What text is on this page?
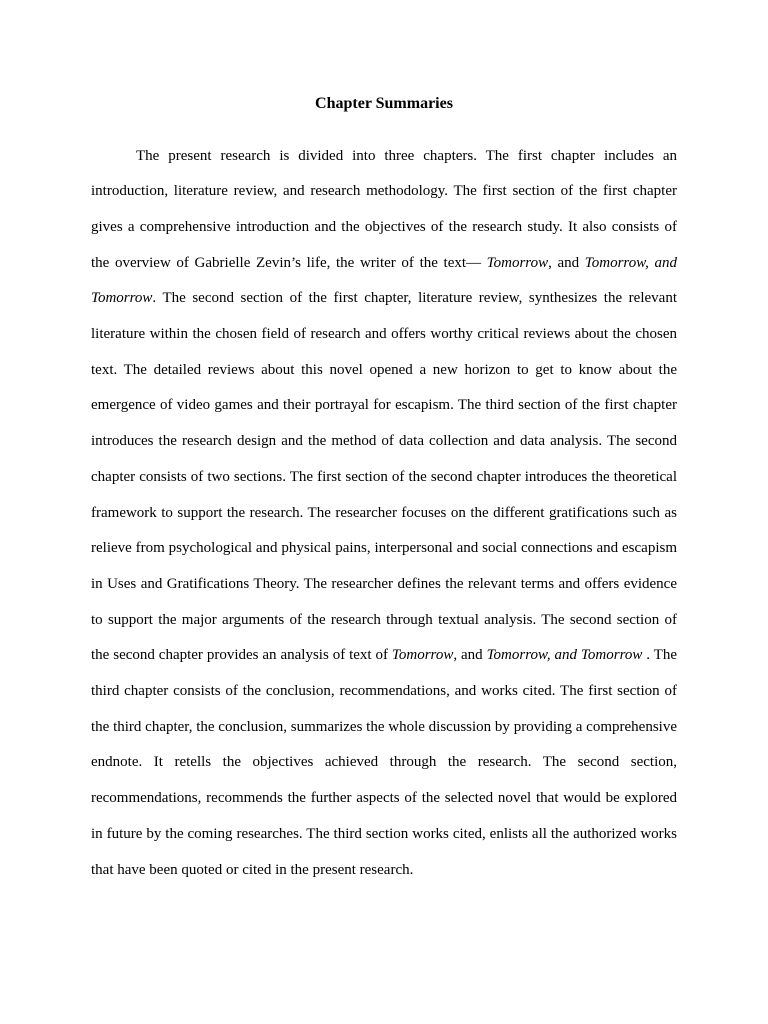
Chapter Summaries

The present research is divided into three chapters. The first chapter includes an introduction, literature review, and research methodology. The first section of the first chapter gives a comprehensive introduction and the objectives of the research study. It also consists of the overview of Gabrielle Zevin’s life, the writer of the text— Tomorrow, and Tomorrow, and Tomorrow. The second section of the first chapter, literature review, synthesizes the relevant literature within the chosen field of research and offers worthy critical reviews about the chosen text. The detailed reviews about this novel opened a new horizon to get to know about the emergence of video games and their portrayal for escapism. The third section of the first chapter introduces the research design and the method of data collection and data analysis. The second chapter consists of two sections. The first section of the second chapter introduces the theoretical framework to support the research. The researcher focuses on the different gratifications such as relieve from psychological and physical pains, interpersonal and social connections and escapism in Uses and Gratifications Theory. The researcher defines the relevant terms and offers evidence to support the major arguments of the research through textual analysis. The second section of the second chapter provides an analysis of text of Tomorrow, and Tomorrow, and Tomorrow . The third chapter consists of the conclusion, recommendations, and works cited. The first section of the third chapter, the conclusion, summarizes the whole discussion by providing a comprehensive endnote. It retells the objectives achieved through the research. The second section, recommendations, recommends the further aspects of the selected novel that would be explored in future by the coming researches. The third section works cited, enlists all the authorized works that have been quoted or cited in the present research.
